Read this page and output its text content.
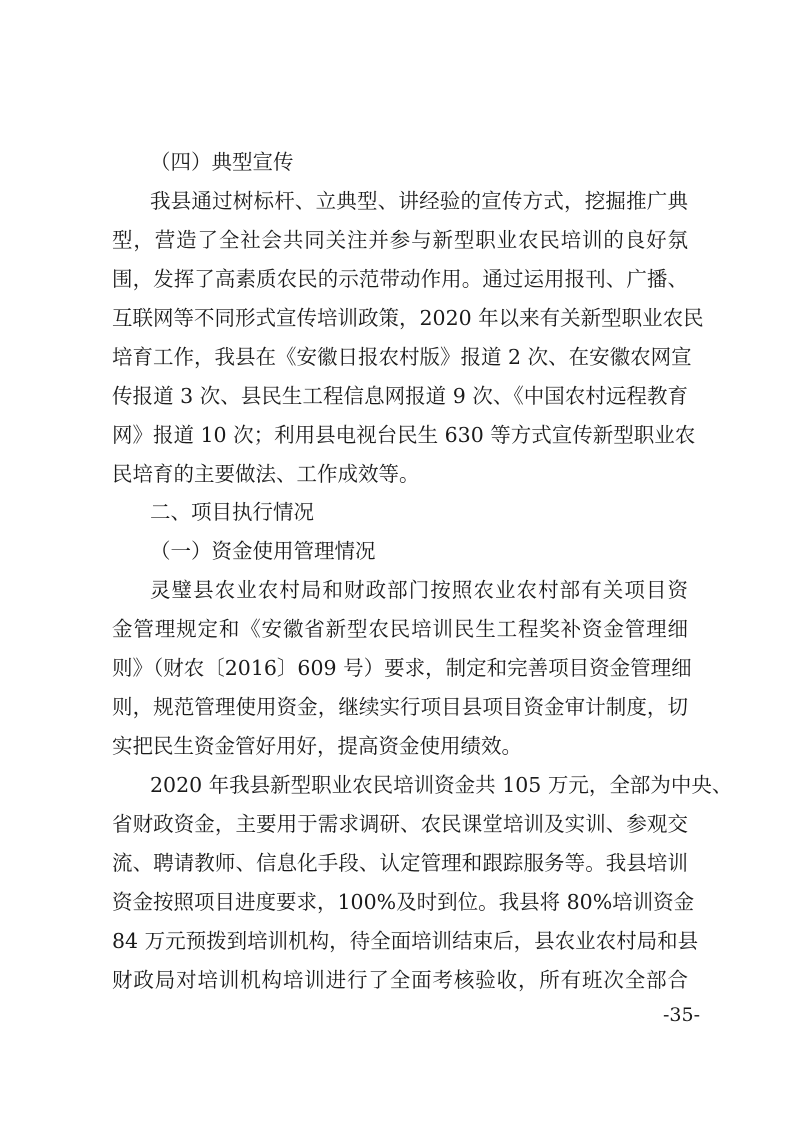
（四）典型宣传
我县通过树标杆、立典型、讲经验的宣传方式，挖掘推广典
型，营造了全社会共同关注并参与新型职业农民培训的良好氛
围，发挥了高素质农民的示范带动作用。通过运用报刊、广播、
互联网等不同形式宣传培训政策，2020 年以来有关新型职业农民
培育工作，我县在《安徽日报农村版》报道 2 次、在安徽农网宣
传报道 3 次、县民生工程信息网报道 9 次、《中国农村远程教育
网》报道 10 次；利用县电视台民生 630 等方式宣传新型职业农
民培育的主要做法、工作成效等。
二、项目执行情况
（一）资金使用管理情况
灵璧县农业农村局和财政部门按照农业农村部有关项目资
金管理规定和《安徽省新型农民培训民生工程奖补资金管理细
则》（财农〔2016〕609 号）要求，制定和完善项目资金管理细
则，规范管理使用资金，继续实行项目县项目资金审计制度，切
实把民生资金管好用好，提高资金使用绩效。
2020 年我县新型职业农民培训资金共 105 万元，全部为中央、
省财政资金，主要用于需求调研、农民课堂培训及实训、参观交
流、聘请教师、信息化手段、认定管理和跟踪服务等。我县培训
资金按照项目进度要求，100%及时到位。我县将 80%培训资金
84 万元预拨到培训机构，待全面培训结束后，县农业农村局和县
财政局对培训机构培训进行了全面考核验收，所有班次全部合
-35-
